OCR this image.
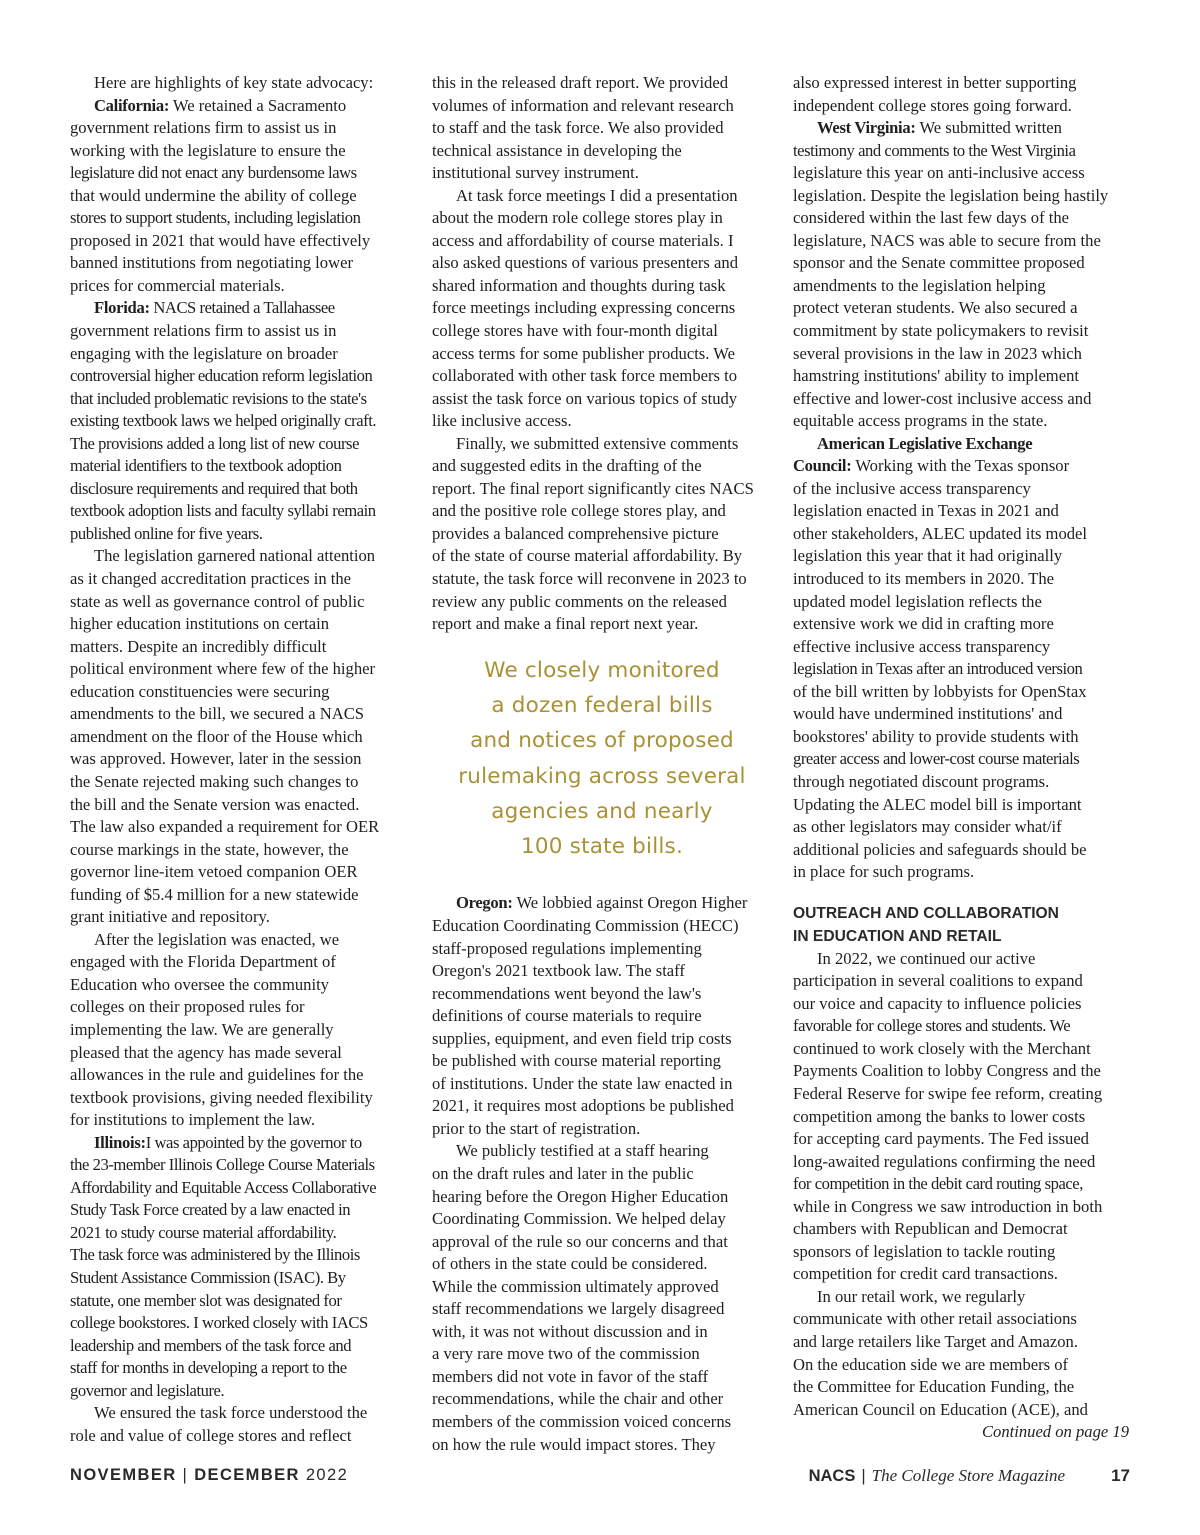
Here are highlights of key state advocacy:

California: We retained a Sacramento

government relations firm to assist us in

working with the legislature to ensure the

legislature did not enact any burdensome laws

that would undermine the ability of college

stores to support students, including legislation

proposed in 2021 that would have effectively

banned institutions from negotiating lower

prices for commercial materials.

Florida: NACS retained a Tallahassee

government relations firm to assist us in

engaging with the legislature on broader

controversial higher education reform legislation

that included problematic revisions to the state's

existing textbook laws we helped originally craft.

The provisions added a long list of new course

material identifiers to the textbook adoption

disclosure requirements and required that both

textbook adoption lists and faculty syllabi remain

published online for five years.

The legislation garnered national attention

as it changed accreditation practices in the

state as well as governance control of public

higher education institutions on certain

matters. Despite an incredibly difficult

political environment where few of the higher

education constituencies were securing

amendments to the bill, we secured a NACS

amendment on the floor of the House which

was approved. However, later in the session

the Senate rejected making such changes to

the bill and the Senate version was enacted.

The law also expanded a requirement for OER

course markings in the state, however, the

governor line-item vetoed companion OER

funding of $5.4 million for a new statewide

grant initiative and repository.

After the legislation was enacted, we

engaged with the Florida Department of

Education who oversee the community

colleges on their proposed rules for

implementing the law. We are generally

pleased that the agency has made several

allowances in the rule and guidelines for the

textbook provisions, giving needed flexibility

for institutions to implement the law.

Illinois:I was appointed by the governor to

the 23-member Illinois College Course Materials

Affordability and Equitable Access Collaborative

Study Task Force created by a law enacted in

2021 to study course material affordability.

The task force was administered by the Illinois

Student Assistance Commission (ISAC). By

statute, one member slot was designated for

college bookstores. I worked closely with IACS

leadership and members of the task force and

staff for months in developing a report to the

governor and legislature.

We ensured the task force understood the

role and value of college stores and reflect

this in the released draft report. We provided

volumes of information and relevant research

to staff and the task force. We also provided

technical assistance in developing the

institutional survey instrument.

At task force meetings I did a presentation

about the modern role college stores play in

access and affordability of course materials. I

also asked questions of various presenters and

shared information and thoughts during task

force meetings including expressing concerns

college stores have with four-month digital

access terms for some publisher products. We

collaborated with other task force members to

assist the task force on various topics of study

like inclusive access.

Finally, we submitted extensive comments

and suggested edits in the drafting of the

report. The final report significantly cites NACS

and the positive role college stores play, and

provides a balanced comprehensive picture

of the state of course material affordability. By

statute, the task force will reconvene in 2023 to

review any public comments on the released

report and make a final report next year.

We closely monitored
a dozen federal bills
and notices of proposed
rulemaking across several
agencies and nearly
100 state bills.

Oregon: We lobbied against Oregon Higher

Education Coordinating Commission (HECC)

staff-proposed regulations implementing

Oregon's 2021 textbook law. The staff

recommendations went beyond the law's

definitions of course materials to require

supplies, equipment, and even field trip costs

be published with course material reporting

of institutions. Under the state law enacted in

2021, it requires most adoptions be published

prior to the start of registration.

We publicly testified at a staff hearing

on the draft rules and later in the public

hearing before the Oregon Higher Education

Coordinating Commission. We helped delay

approval of the rule so our concerns and that

of others in the state could be considered.

While the commission ultimately approved

staff recommendations we largely disagreed

with, it was not without discussion and in

a very rare move two of the commission

members did not vote in favor of the staff

recommendations, while the chair and other

members of the commission voiced concerns

on how the rule would impact stores. They

also expressed interest in better supporting

independent college stores going forward.

West Virginia: We submitted written

testimony and comments to the West Virginia

legislature this year on anti-inclusive access

legislation. Despite the legislation being hastily

considered within the last few days of the

legislature, NACS was able to secure from the

sponsor and the Senate committee proposed

amendments to the legislation helping

protect veteran students. We also secured a

commitment by state policymakers to revisit

several provisions in the law in 2023 which

hamstring institutions' ability to implement

effective and lower-cost inclusive access and

equitable access programs in the state.

American Legislative Exchange

Council: Working with the Texas sponsor

of the inclusive access transparency

legislation enacted in Texas in 2021 and

other stakeholders, ALEC updated its model

legislation this year that it had originally

introduced to its members in 2020. The

updated model legislation reflects the

extensive work we did in crafting more

effective inclusive access transparency

legislation in Texas after an introduced version

of the bill written by lobbyists for OpenStax

would have undermined institutions' and

bookstores' ability to provide students with

greater access and lower-cost course materials

through negotiated discount programs.

Updating the ALEC model bill is important

as other legislators may consider what/if

additional policies and safeguards should be

in place for such programs.

OUTREACH AND COLLABORATION
IN EDUCATION AND RETAIL

In 2022, we continued our active

participation in several coalitions to expand

our voice and capacity to influence policies

favorable for college stores and students. We

continued to work closely with the Merchant

Payments Coalition to lobby Congress and the

Federal Reserve for swipe fee reform, creating

competition among the banks to lower costs

for accepting card payments. The Fed issued

long-awaited regulations confirming the need

for competition in the debit card routing space,

while in Congress we saw introduction in both

chambers with Republican and Democrat

sponsors of legislation to tackle routing

competition for credit card transactions.

In our retail work, we regularly

communicate with other retail associations

and large retailers like Target and Amazon.

On the education side we are members of

the Committee for Education Funding, the

American Council on Education (ACE), and

Continued on page 19
NOVEMBER | DECEMBER 2022	NACS | The College Store Magazine	17
